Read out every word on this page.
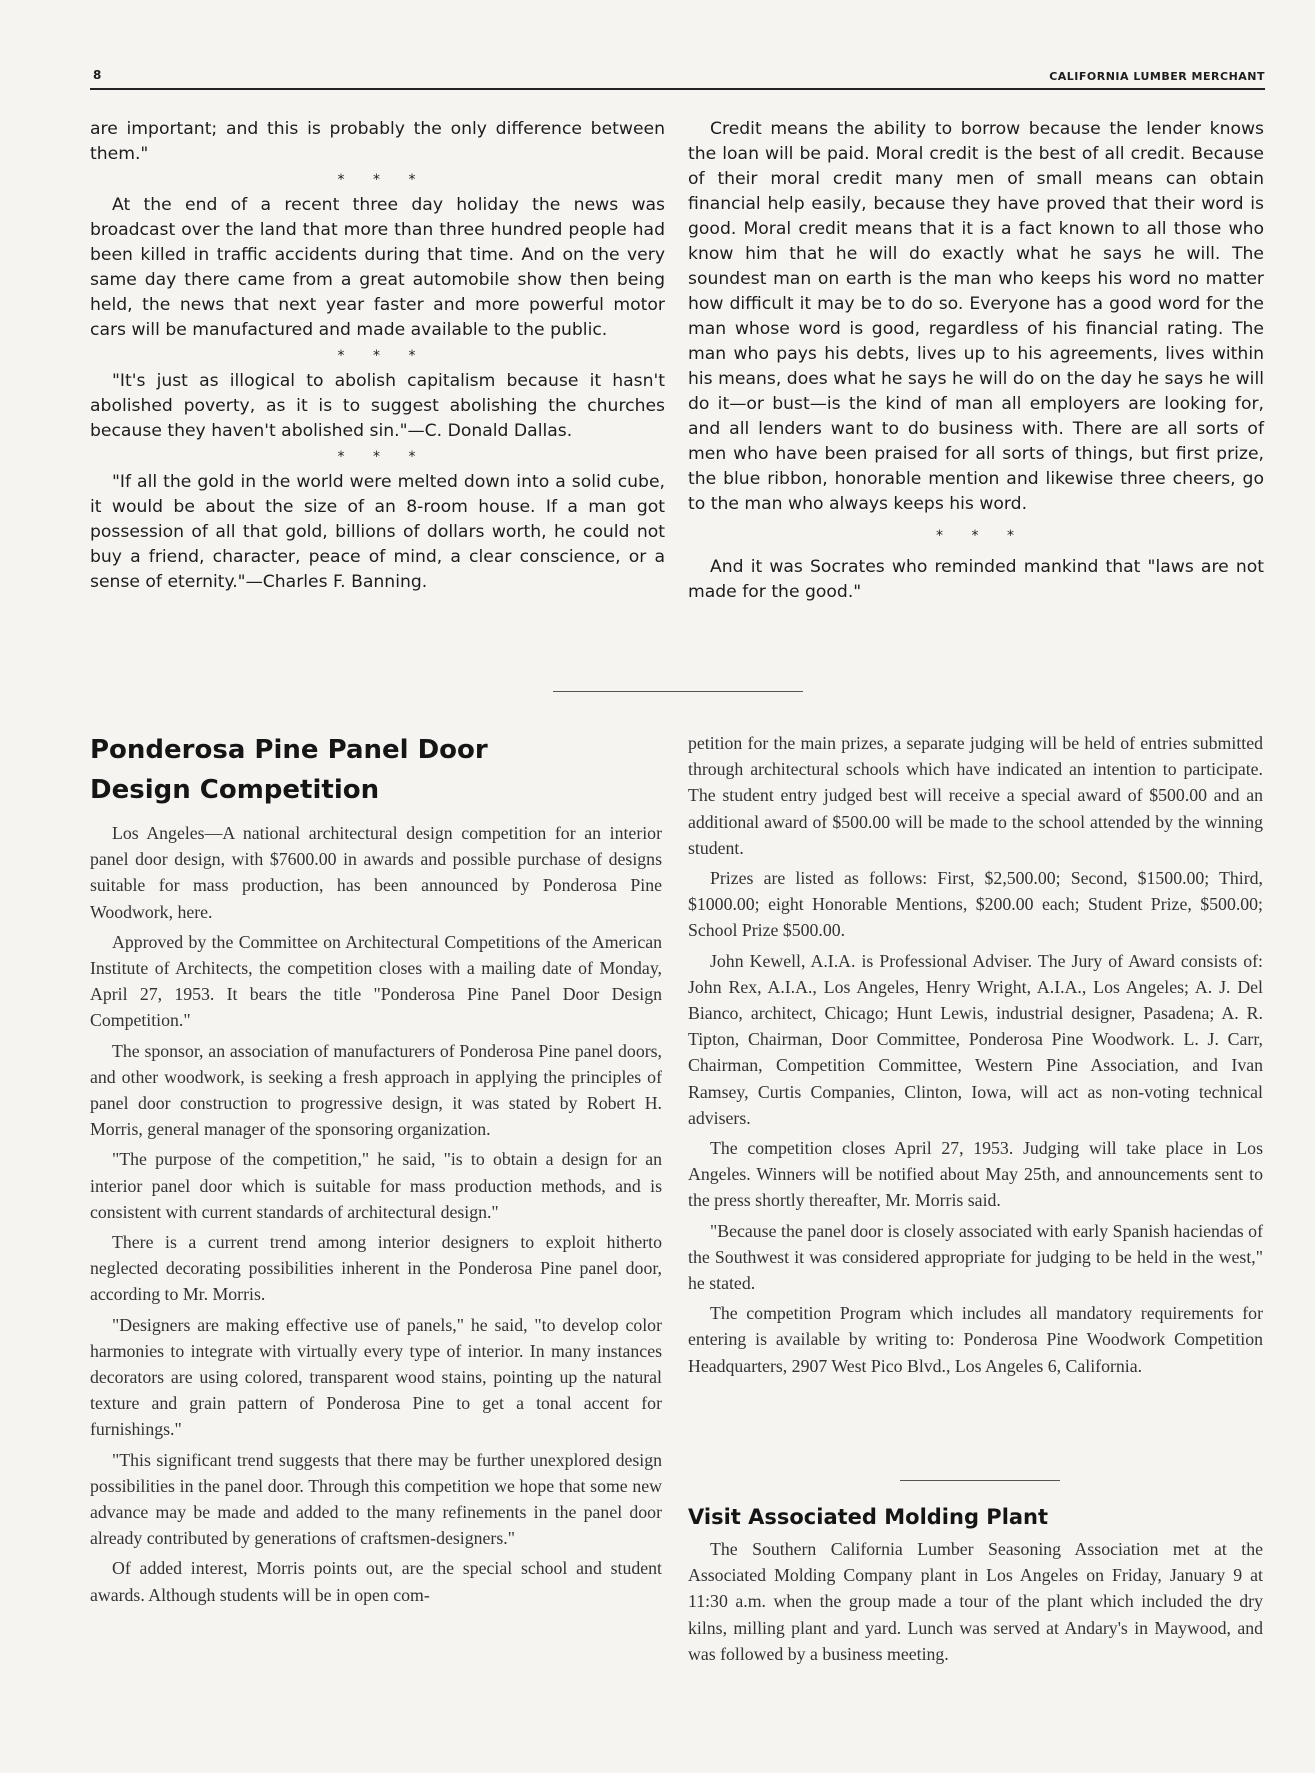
8	CALIFORNIA LUMBER MERCHANT

are important; and this is probably the only difference between them."

* * *

At the end of a recent three day holiday the news was broadcast over the land that more than three hundred people had been killed in traffic accidents during that time. And on the very same day there came from a great automobile show then being held, the news that next year faster and more powerful motor cars will be manufactured and made available to the public.

* * *

"It's just as illogical to abolish capitalism because it hasn't abolished poverty, as it is to suggest abolishing the churches because they haven't abolished sin."—C. Donald Dallas.

* * *

"If all the gold in the world were melted down into a solid cube, it would be about the size of an 8-room house. If a man got possession of all that gold, billions of dollars worth, he could not buy a friend, character, peace of mind, a clear conscience, or a sense of eternity."—Charles F. Banning.

Credit means the ability to borrow because the lender knows the loan will be paid. Moral credit is the best of all credit. Because of their moral credit many men of small means can obtain financial help easily, because they have proved that their word is good. Moral credit means that it is a fact known to all those who know him that he will do exactly what he says he will. The soundest man on earth is the man who keeps his word no matter how difficult it may be to do so. Everyone has a good word for the man whose word is good, regardless of his financial rating. The man who pays his debts, lives up to his agreements, lives within his means, does what he says he will do on the day he says he will do it—or bust—is the kind of man all employers are looking for, and all lenders want to do business with. There are all sorts of men who have been praised for all sorts of things, but first prize, the blue ribbon, honorable mention and likewise three cheers, go to the man who always keeps his word.

* * *

And it was Socrates who reminded mankind that "laws are not made for the good."

Ponderosa Pine Panel Door
Design Competition

Los Angeles—A national architectural design competition for an interior panel door design, with $7600.00 in awards and possible purchase of designs suitable for mass production, has been announced by Ponderosa Pine Woodwork, here.

Approved by the Committee on Architectural Competitions of the American Institute of Architects, the competition closes with a mailing date of Monday, April 27, 1953. It bears the title "Ponderosa Pine Panel Door Design Competition."

The sponsor, an association of manufacturers of Ponderosa Pine panel doors, and other woodwork, is seeking a fresh approach in applying the principles of panel door construction to progressive design, it was stated by Robert H. Morris, general manager of the sponsoring organization.

"The purpose of the competition," he said, "is to obtain a design for an interior panel door which is suitable for mass production methods, and is consistent with current standards of architectural design."

There is a current trend among interior designers to exploit hitherto neglected decorating possibilities inherent in the Ponderosa Pine panel door, according to Mr. Morris.

"Designers are making effective use of panels," he said, "to develop color harmonies to integrate with virtually every type of interior. In many instances decorators are using colored, transparent wood stains, pointing up the natural texture and grain pattern of Ponderosa Pine to get a tonal accent for furnishings."

"This significant trend suggests that there may be further unexplored design possibilities in the panel door. Through this competition we hope that some new advance may be made and added to the many refinements in the panel door already contributed by generations of craftsmen-designers."

Of added interest, Morris points out, are the special school and student awards. Although students will be in open com-

petition for the main prizes, a separate judging will be held of entries submitted through architectural schools which have indicated an intention to participate. The student entry judged best will receive a special award of $500.00 and an additional award of $500.00 will be made to the school attended by the winning student.

Prizes are listed as follows: First, $2,500.00; Second, $1500.00; Third, $1000.00; eight Honorable Mentions, $200.00 each; Student Prize, $500.00; School Prize $500.00.

John Kewell, A.I.A. is Professional Adviser. The Jury of Award consists of: John Rex, A.I.A., Los Angeles, Henry Wright, A.I.A., Los Angeles; A. J. Del Bianco, architect, Chicago; Hunt Lewis, industrial designer, Pasadena; A. R. Tipton, Chairman, Door Committee, Ponderosa Pine Woodwork. L. J. Carr, Chairman, Competition Committee, Western Pine Association, and Ivan Ramsey, Curtis Companies, Clinton, Iowa, will act as non-voting technical advisers.

The competition closes April 27, 1953. Judging will take place in Los Angeles. Winners will be notified about May 25th, and announcements sent to the press shortly thereafter, Mr. Morris said.

"Because the panel door is closely associated with early Spanish haciendas of the Southwest it was considered appropriate for judging to be held in the west," he stated.

The competition Program which includes all mandatory requirements for entering is available by writing to: Ponderosa Pine Woodwork Competition Headquarters, 2907 West Pico Blvd., Los Angeles 6, California.

Visit Associated Molding Plant

The Southern California Lumber Seasoning Association met at the Associated Molding Company plant in Los Angeles on Friday, January 9 at 11:30 a.m. when the group made a tour of the plant which included the dry kilns, milling plant and yard. Lunch was served at Andary's in Maywood, and was followed by a business meeting.
